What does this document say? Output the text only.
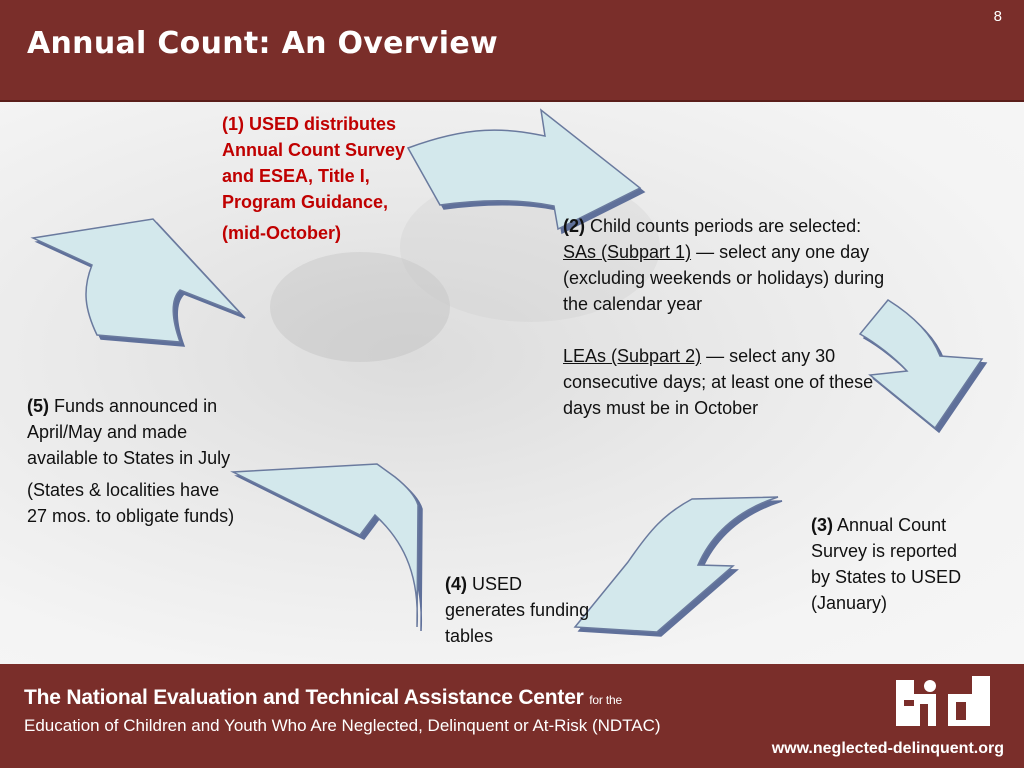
Annual Count: An Overview
8
(1) USED distributes Annual Count Survey and ESEA, Title I, Program Guidance,
(mid-October)	(2) Child counts periods are selected:
SAs (Subpart 1) — select any one day (excluding weekends or holidays) during the calendar year
LEAs (Subpart 2) — select any 30 consecutive days; at least one of these days must be in October
(3) Annual Count Survey is reported by States to USED (January)
(4) USED generates funding tables
(5) Funds announced in April/May and made available to States in July
(States & localities have 27 mos. to obligate funds)
The National Evaluation and Technical Assistance Center for the
Education of Children and Youth Who Are Neglected, Delinquent or At-Risk (NDTAC)
www.neglected-delinquent.org
